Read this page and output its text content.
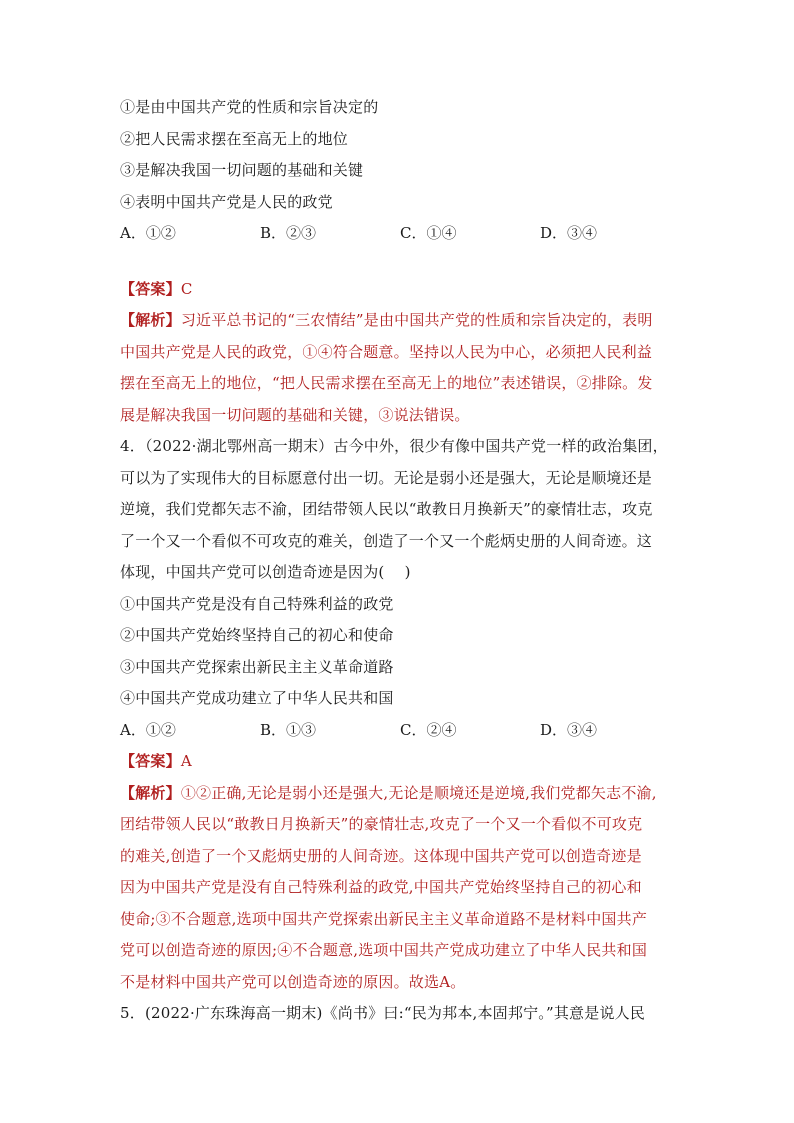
①是由中国共产党的性质和宗旨决定的
②把人民需求摆在至高无上的地位
③是解决我国一切问题的基础和关键
④表明中国共产党是人民的政党
A．①②	B．②③	C．①④	D．③④
【答案】C
【解析】习近平总书记的“三农情结”是由中国共产党的性质和宗旨决定的，表明
中国共产党是人民的政党，①④符合题意。坚持以人民为中心，必须把人民利益
摆在至高无上的地位，“把人民需求摆在至高无上的地位”表述错误，②排除。发
展是解决我国一切问题的基础和关键，③说法错误。
4．（2022·湖北鄂州高一期末）古今中外，很少有像中国共产党一样的政治集团，
可以为了实现伟大的目标愿意付出一切。无论是弱小还是强大，无论是顺境还是
逆境，我们党都矢志不渝，团结带领人民以“敢教日月换新天”的豪情壮志，攻克
了一个又一个看似不可攻克的难关，创造了一个又一个彪炳史册的人间奇迹。这
体现，中国共产党可以创造奇迹是因为(　 )
①中国共产党是没有自己特殊利益的政党
②中国共产党始终坚持自己的初心和使命
③中国共产党探索出新民主主义革命道路
④中国共产党成功建立了中华人民共和国
A．①②	B．①③	C．②④	D．③④
【答案】A
【解析】①②正确,无论是弱小还是强大,无论是顺境还是逆境,我们党都矢志不渝,
团结带领人民以“敢教日月换新天”的豪情壮志,攻克了一个又一个看似不可攻克
的难关,创造了一个又彪炳史册的人间奇迹。这体现中国共产党可以创造奇迹是
因为中国共产党是没有自己特殊利益的政党,中国共产党始终坚持自己的初心和
使命;③不合题意,选项中国共产党探索出新民主主义革命道路不是材料中国共产
党可以创造奇迹的原因;④不合题意,选项中国共产党成功建立了中华人民共和国
不是材料中国共产党可以创造奇迹的原因。故选A。
5．(2022·广东珠海高一期末)《尚书》曰:“民为邦本,本固邦宁。”其意是说人民
